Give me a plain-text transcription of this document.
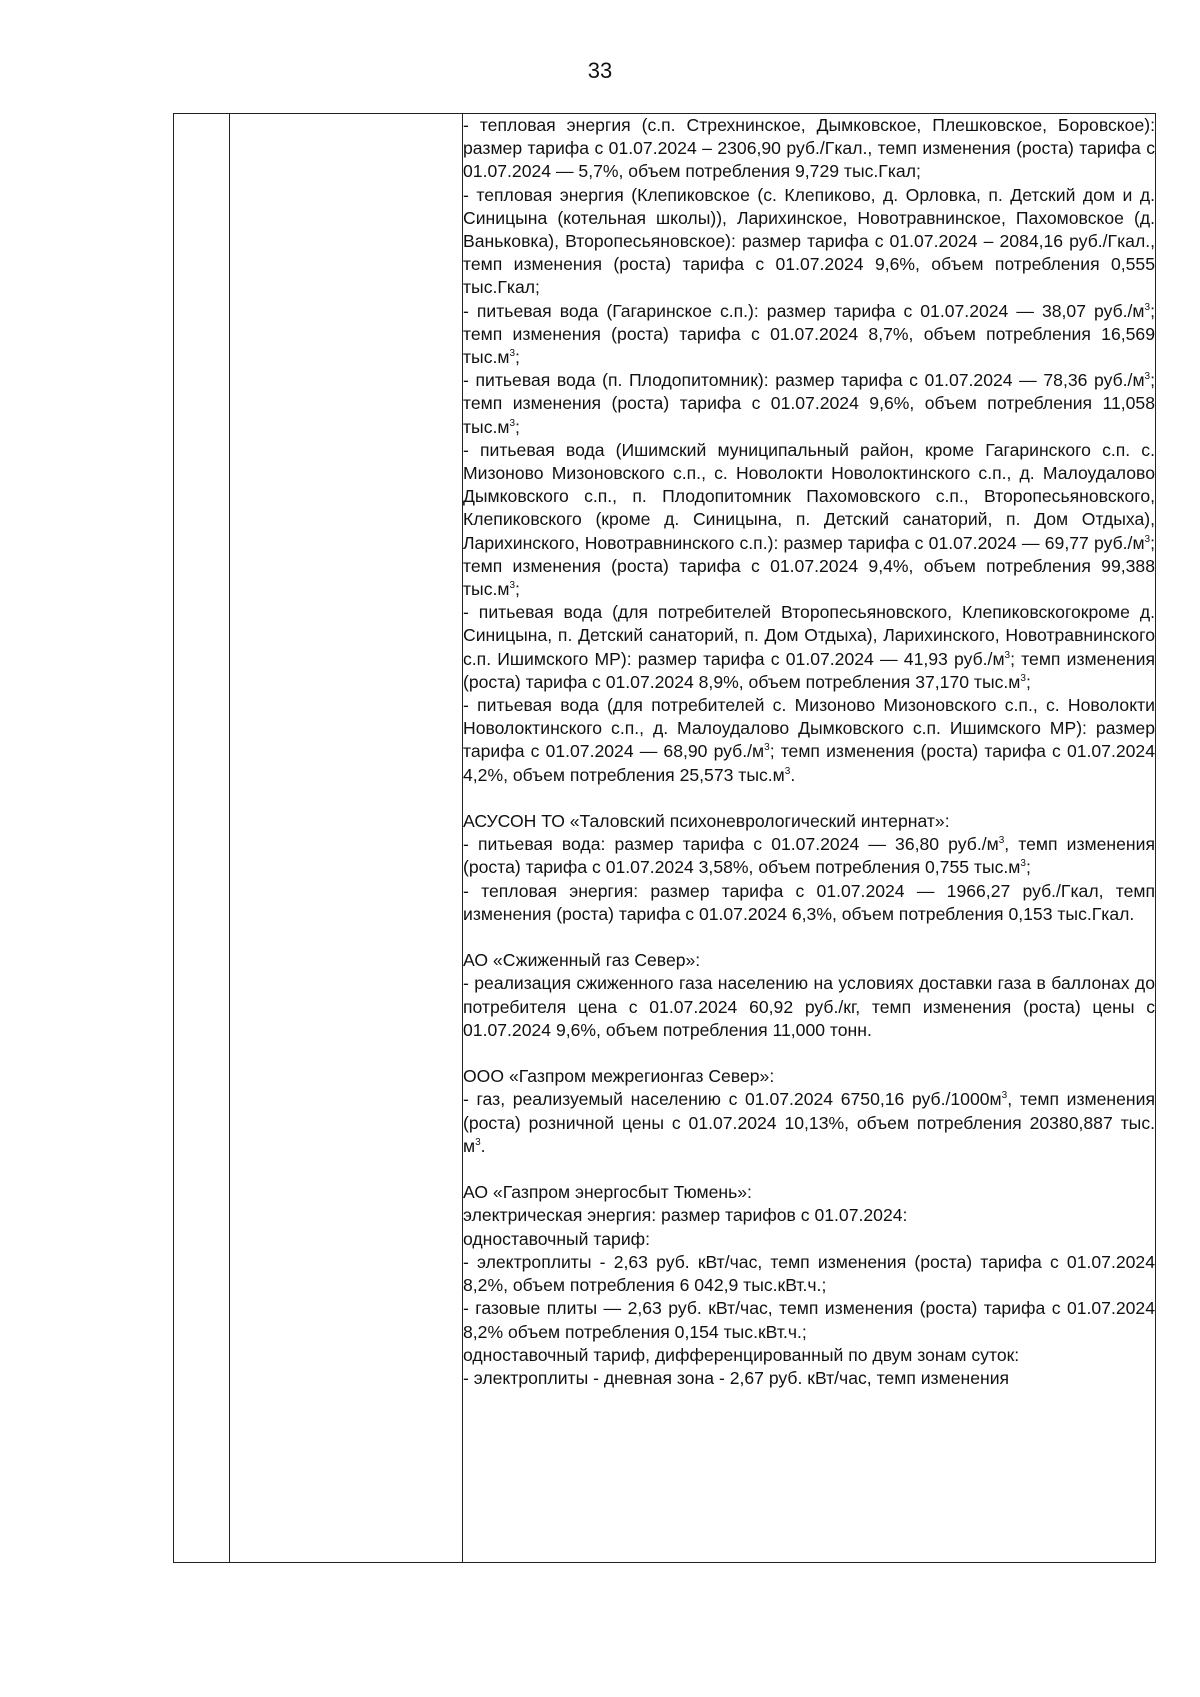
33

- тепловая энергия (с.п. Стрехнинское, Дымковское, Плешковское, Боровское): размер тарифа с 01.07.2024 – 2306,90 руб./Гкал., темп изменения (роста) тарифа с 01.07.2024 — 5,7%, объем потребления 9,729 тыс.Гкал;

- тепловая энергия (Клепиковское (с. Клепиково, д. Орловка, п. Детский дом и д. Синицына (котельная школы)), Ларихинское, Новотравнинское, Пахомовское (д. Ваньковка), Второпесьяновское): размер тарифа с 01.07.2024 – 2084,16 руб./Гкал., темп изменения (роста) тарифа с 01.07.2024 9,6%, объем потребления 0,555 тыс.Гкал;

- питьевая вода (Гагаринское с.п.): размер тарифа с 01.07.2024 — 38,07 $руб./м^3$; темп изменения (роста) тарифа с 01.07.2024 8,7%, объем потребления 16,569 $тыс.м^3$;

- питьевая вода (п. Плодопитомник): размер тарифа с 01.07.2024 — 78,36 $руб./м^3$; темп изменения (роста) тарифа с 01.07.2024 9,6%, объем потребления 11,058 $тыс.м^3$;

- питьевая вода (Ишимский муниципальный район, кроме Гагаринского с.п. с. Мизоново Мизоновского с.п., с. Новолокти Новолоктинского с.п., д. Малоудалово Дымковского с.п., п. Плодопитомник Пахомовского с.п., Второпесьяновского, Клепиковского (кроме д. Синицына, п. Детский санаторий, п. Дом Отдыха), Ларихинского, Новотравнинского с.п.): размер тарифа с 01.07.2024 — 69,77 $руб./м^3$; темп изменения (роста) тарифа с 01.07.2024 9,4%, объем потребления 99,388 $тыс.м^3$;

- питьевая вода (для потребителей Второпесьяновского, Клепиковскогокроме д. Синицына, п. Детский санаторий, п. Дом Отдыха), Ларихинского, Новотравнинского с.п. Ишимского МР): размер тарифа с 01.07.2024 — 41,93 $руб./м^3$; темп изменения (роста) тарифа с 01.07.2024 8,9%, объем потребления 37,170 $тыс.м^3$;

- питьевая вода (для потребителей с. Мизоново Мизоновского с.п., с. Новолокти Новолоктинского с.п., д. Малоудалово Дымковского с.п. Ишимского МР): размер тарифа с 01.07.2024 — 68,90 $руб./м^3$; темп изменения (роста) тарифа с 01.07.2024 4,2%, объем потребления 25,573 $тыс.м^3$.

АСУСОН ТО «Таловский психоневрологический интернат»:

- питьевая вода: размер тарифа с 01.07.2024 — 36,80 $руб./м^3$, темп изменения (роста) тарифа с 01.07.2024 3,58%, объем потребления 0,755 $тыс.м^3$;

- тепловая энергия: размер тарифа с 01.07.2024 — 1966,27 руб./Гкал, темп изменения (роста) тарифа с 01.07.2024 6,3%, объем потребления 0,153 тыс.Гкал.

АО «Сжиженный газ Север»:

- реализация сжиженного газа населению на условиях доставки газа в баллонах до потребителя цена с 01.07.2024 60,92 руб./кг, темп изменения (роста) цены с 01.07.2024 9,6%, объем потребления 11,000 тонн.

ООО «Газпром межрегионгаз Север»:

- газ, реализуемый населению с 01.07.2024 6750,16 $руб./1000м^3$, темп изменения (роста) розничной цены с 01.07.2024 10,13%, объем потребления 20380,887 тыс. $м^3$.

АО «Газпром энергосбыт Тюмень»:

электрическая энергия: размер тарифов с 01.07.2024:

одноставочный тариф:

- электроплиты - 2,63 руб. кВт/час, темп изменения (роста) тарифа с 01.07.2024 8,2%, объем потребления 6 042,9 тыс.кВт.ч.;

- газовые плиты — 2,63 руб. кВт/час, темп изменения (роста) тарифа с 01.07.2024 8,2% объем потребления 0,154 тыс.кВт.ч.;

одноставочный тариф, дифференцированный по двум зонам суток:

- электроплиты - дневная зона - 2,67 руб. кВт/час, темп изменения
